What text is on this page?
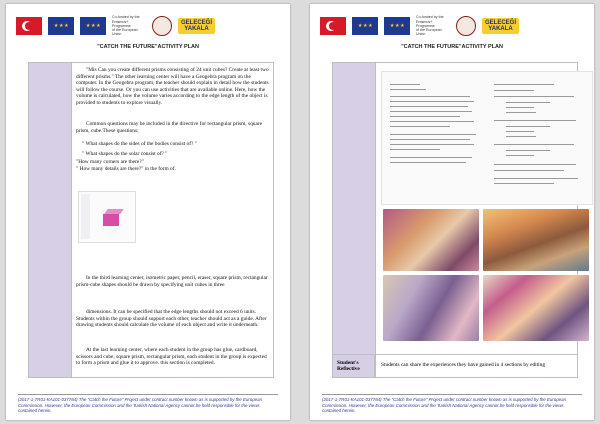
★ ★ ★	★ ★ ★
Co-funded by the
Erasmus+ Programme
of the European Union
GELECEĞİ
YAKALA
"CATCH THE FUTURE"ACTIVITY PLAN

"Mis Can you create different prisms consisting of 24 unit cubes? Create at least two different prisms." The other learning center will have a Geogebra program on the computer. In the Geogebra program, the teacher should explain in detail how the students will follow the course. Or you can use activities that are available online. Here, how the volume is calculated, how the volume varies according to the edge length of the object is provided to students to explore visually.

Common questions may be included in the directive for rectangular prism, square prism, cube.These questions;

" What shapes do the sides of the bodies consist of? "

" What shapes do the solar consist of? "

"How many corners are there?"

" How many details are there?" in the form of.

In the third learning center, isometric paper, pencil, eraser, square prism, rectangular prism-cube shapes should be drawn by specifying unit cubes in three

dimensions. It can be specified that the edge lengths should not exceed 6 units. Students within the group should support each other, teacher should act as a guide. After drawing students should calculate the volume of each object and write it underneath.

At the last learning center, where each student in the group has glue, cardboard, scissors and cube, square prism, rectangular prism, each student in the group is expected to form a prism and glue it to approve. this section is completed.

(2017-1-TR01-KA101-037784) The "Catch the Future" Project under contract number known as is supported by the European Commission. However, the European Commission and the Turkish National Agency cannot be held responsible for the views contained herein.
★ ★ ★	★ ★ ★
Co-funded by the
Erasmus+ Programme
of the European Union
GELECEĞİ
YAKALA
"CATCH THE FUTURE"ACTIVITY PLAN
Student's
Reflective
Students can share the experiences they have gained in 4 sections by editing
(2017-1-TR01-KA101-037784) The "Catch the Future" Project under contract number known as is supported by the European Commission. However, the European Commission and the Turkish National Agency cannot be held responsible for the views contained herein.
